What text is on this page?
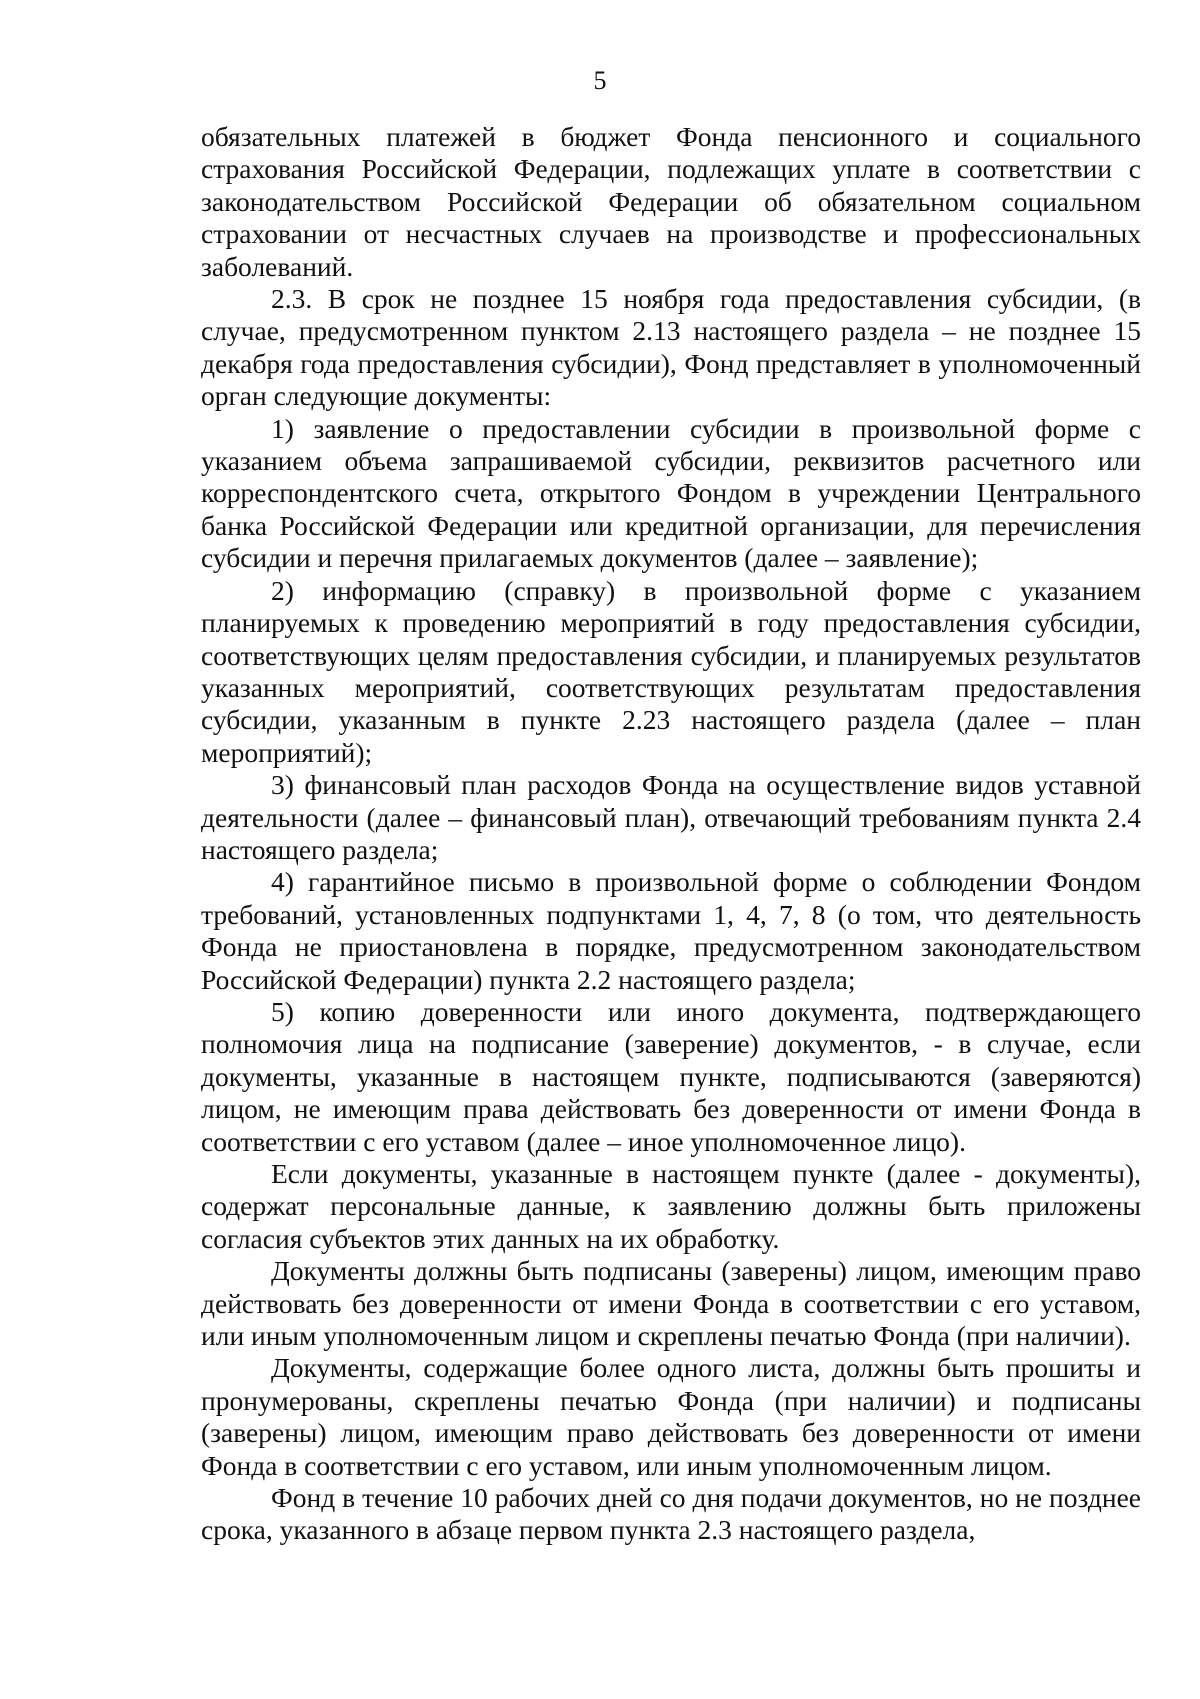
5

обязательных платежей в бюджет Фонда пенсионного и социального страхования Российской Федерации, подлежащих уплате в соответствии с законодательством Российской Федерации об обязательном социальном страховании от несчастных случаев на производстве и профессиональных заболеваний.

2.3. В срок не позднее 15 ноября года предоставления субсидии, (в случае, предусмотренном пунктом 2.13 настоящего раздела – не позднее 15 декабря года предоставления субсидии), Фонд представляет в уполномоченный орган следующие документы:

1) заявление о предоставлении субсидии в произвольной форме с указанием объема запрашиваемой субсидии, реквизитов расчетного или корреспондентского счета, открытого Фондом в учреждении Центрального банка Российской Федерации или кредитной организации, для перечисления субсидии и перечня прилагаемых документов (далее – заявление);

2) информацию (справку) в произвольной форме с указанием планируемых к проведению мероприятий в году предоставления субсидии, соответствующих целям предоставления субсидии, и планируемых результатов указанных мероприятий, соответствующих результатам предоставления субсидии, указанным в пункте 2.23 настоящего раздела (далее – план мероприятий);

3) финансовый план расходов Фонда на осуществление видов уставной деятельности (далее – финансовый план), отвечающий требованиям пункта 2.4 настоящего раздела;

4) гарантийное письмо в произвольной форме о соблюдении Фондом требований, установленных подпунктами 1, 4, 7, 8 (о том, что деятельность Фонда не приостановлена в порядке, предусмотренном законодательством Российской Федерации) пункта 2.2 настоящего раздела;

5) копию доверенности или иного документа, подтверждающего полномочия лица на подписание (заверение) документов, - в случае, если документы, указанные в настоящем пункте, подписываются (заверяются) лицом, не имеющим права действовать без доверенности от имени Фонда в соответствии с его уставом (далее – иное уполномоченное лицо).

Если документы, указанные в настоящем пункте (далее - документы), содержат персональные данные, к заявлению должны быть приложены согласия субъектов этих данных на их обработку.

Документы должны быть подписаны (заверены) лицом, имеющим право действовать без доверенности от имени Фонда в соответствии с его уставом, или иным уполномоченным лицом и скреплены печатью Фонда (при наличии).

Документы, содержащие более одного листа, должны быть прошиты и пронумерованы, скреплены печатью Фонда (при наличии) и подписаны (заверены) лицом, имеющим право действовать без доверенности от имени Фонда в соответствии с его уставом, или иным уполномоченным лицом.

Фонд в течение 10 рабочих дней со дня подачи документов, но не позднее срока, указанного в абзаце первом пункта 2.3 настоящего раздела,
